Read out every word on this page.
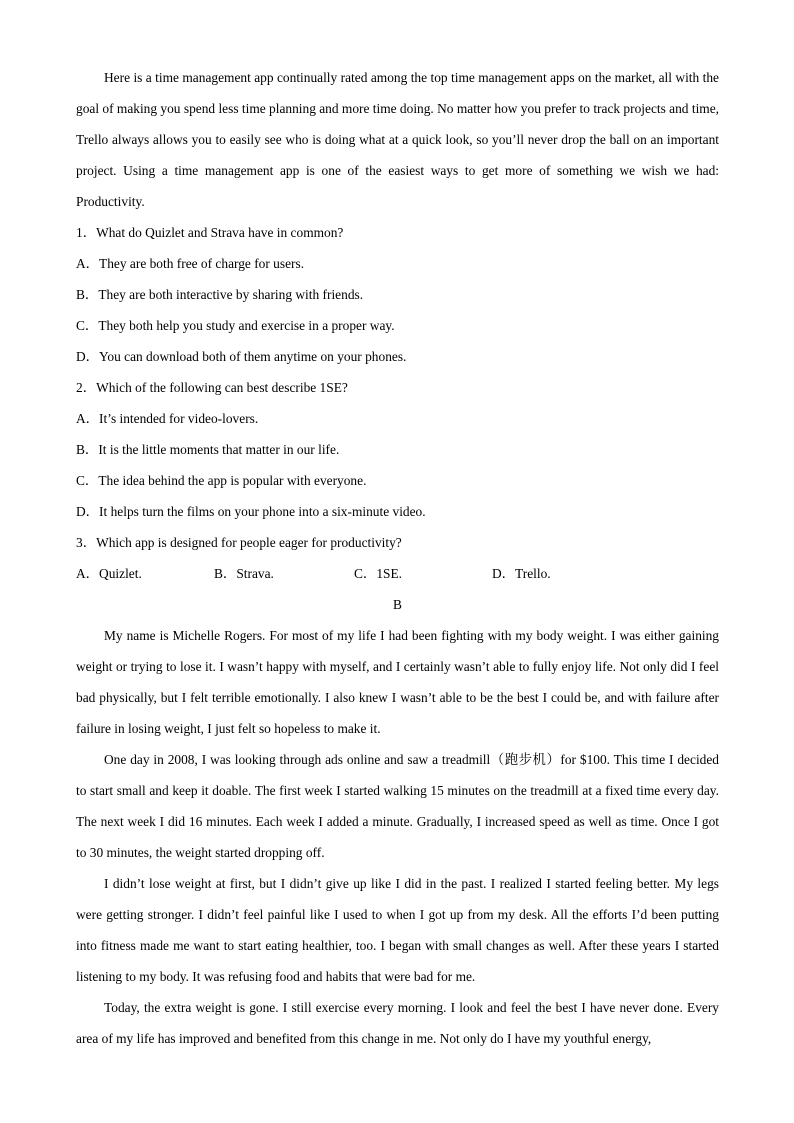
Here is a time management app continually rated among the top time management apps on the market, all with the goal of making you spend less time planning and more time doing. No matter how you prefer to track projects and time, Trello always allows you to easily see who is doing what at a quick look, so you’ll never drop the ball on an important project. Using a time management app is one of the easiest ways to get more of something we wish we had: Productivity.

1．What do Quizlet and Strava have in common?

A．They are both free of charge for users.

B．They are both interactive by sharing with friends.

C．They both help you study and exercise in a proper way.

D．You can download both of them anytime on your phones.

2．Which of the following can best describe 1SE?

A．It’s intended for video-lovers.

B．It is the little moments that matter in our life.

C．The idea behind the app is popular with everyone.

D．It helps turn the films on your phone into a six-minute video.

3．Which app is designed for people eager for productivity?

A．Quizlet.	B．Strava.	C．1SE.	D．Trello.

B

My name is Michelle Rogers. For most of my life I had been fighting with my body weight. I was either gaining weight or trying to lose it. I wasn’t happy with myself, and I certainly wasn’t able to fully enjoy life. Not only did I feel bad physically, but I felt terrible emotionally. I also knew I wasn’t able to be the best I could be, and with failure after failure in losing weight, I just felt so hopeless to make it.

One day in 2008, I was looking through ads online and saw a treadmill（跑步机）for $100. This time I decided to start small and keep it doable. The first week I started walking 15 minutes on the treadmill at a fixed time every day. The next week I did 16 minutes. Each week I added a minute. Gradually, I increased speed as well as time. Once I got to 30 minutes, the weight started dropping off.

I didn’t lose weight at first, but I didn’t give up like I did in the past. I realized I started feeling better. My legs were getting stronger. I didn’t feel painful like I used to when I got up from my desk. All the efforts I’d been putting into fitness made me want to start eating healthier, too. I began with small changes as well. After these years I started listening to my body. It was refusing food and habits that were bad for me.

Today, the extra weight is gone. I still exercise every morning. I look and feel the best I have never done. Every area of my life has improved and benefited from this change in me. Not only do I have my youthful energy,
